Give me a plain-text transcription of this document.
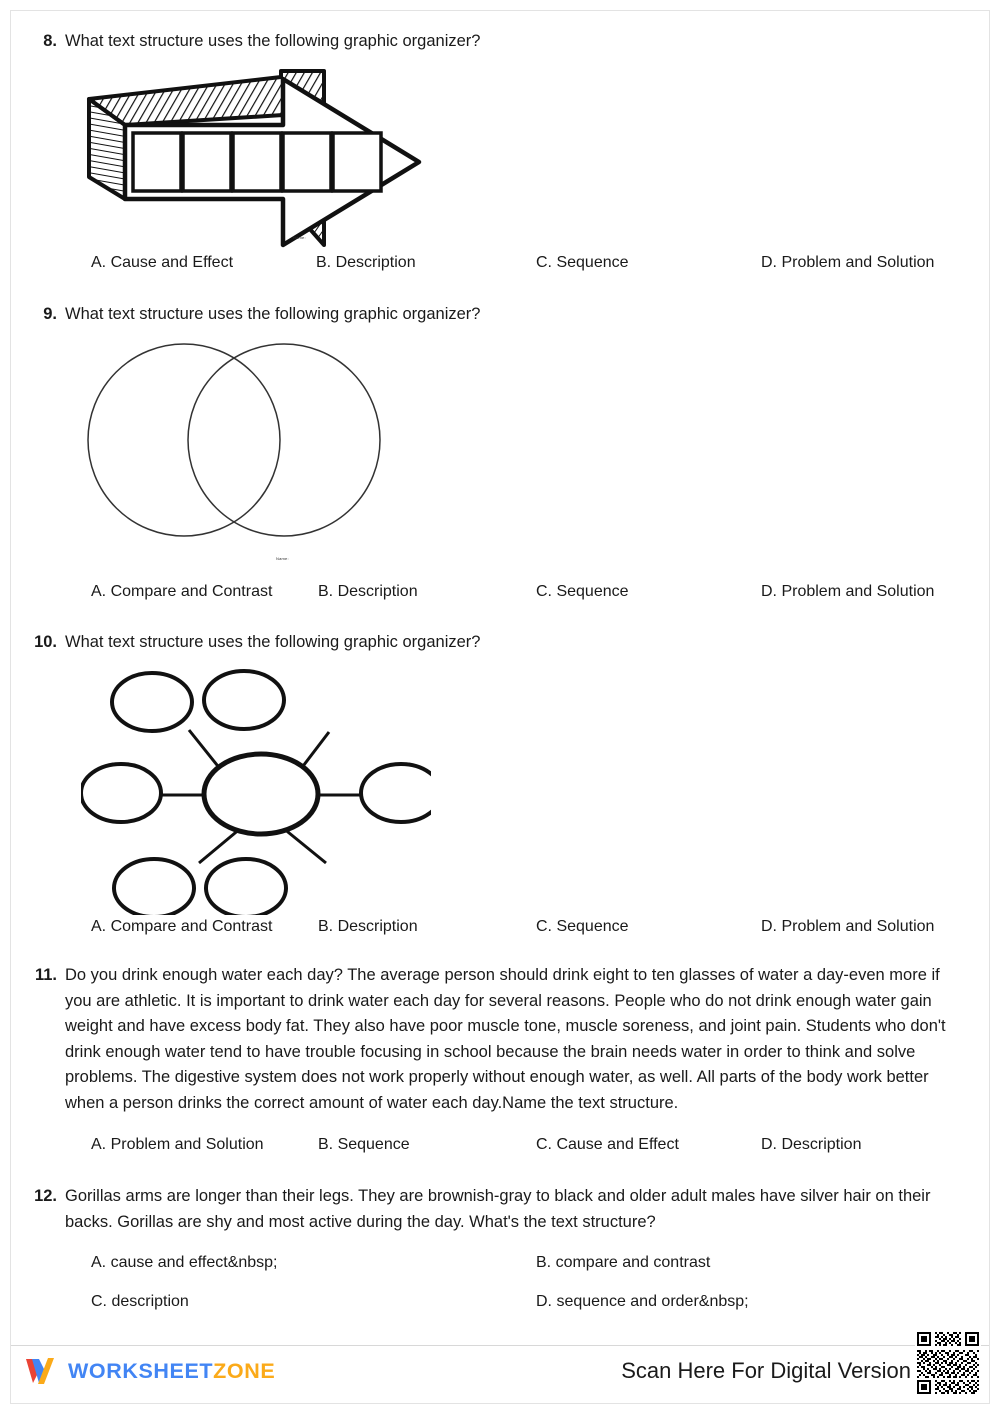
8. What text structure uses the following graphic organizer?
Name:
A. Cause and Effect	B. Description	C. Sequence	D. Problem and Solution
9. What text structure uses the following graphic organizer?
Name:
A. Compare and Contrast	B. Description	C. Sequence	D. Problem and Solution
10. What text structure uses the following graphic organizer?
A. Compare and Contrast	B. Description	C. Sequence	D. Problem and Solution
11. Do you drink enough water each day? The average person should drink eight to ten glasses of water a day-even more if you are athletic. It is important to drink water each day for several reasons. People who do not drink enough water gain weight and have excess body fat. They also have poor muscle tone, muscle soreness, and joint pain. Students who don't drink enough water tend to have trouble focusing in school because the brain needs water in order to think and solve problems. The digestive system does not work properly without enough water, as well. All parts of the body work better when a person drinks the correct amount of water each day.Name the text structure.
A. Problem and Solution	B. Sequence	C. Cause and Effect	D. Description
12. Gorillas arms are longer than their legs. They are brownish-gray to black and older adult males have silver hair on their backs. Gorillas are shy and most active during the day. What's the text structure?
A. cause and effect&nbsp;	B. compare and contrast
C. description	D. sequence and order&nbsp;
WORKSHEETZONE	Scan Here For Digital Version
